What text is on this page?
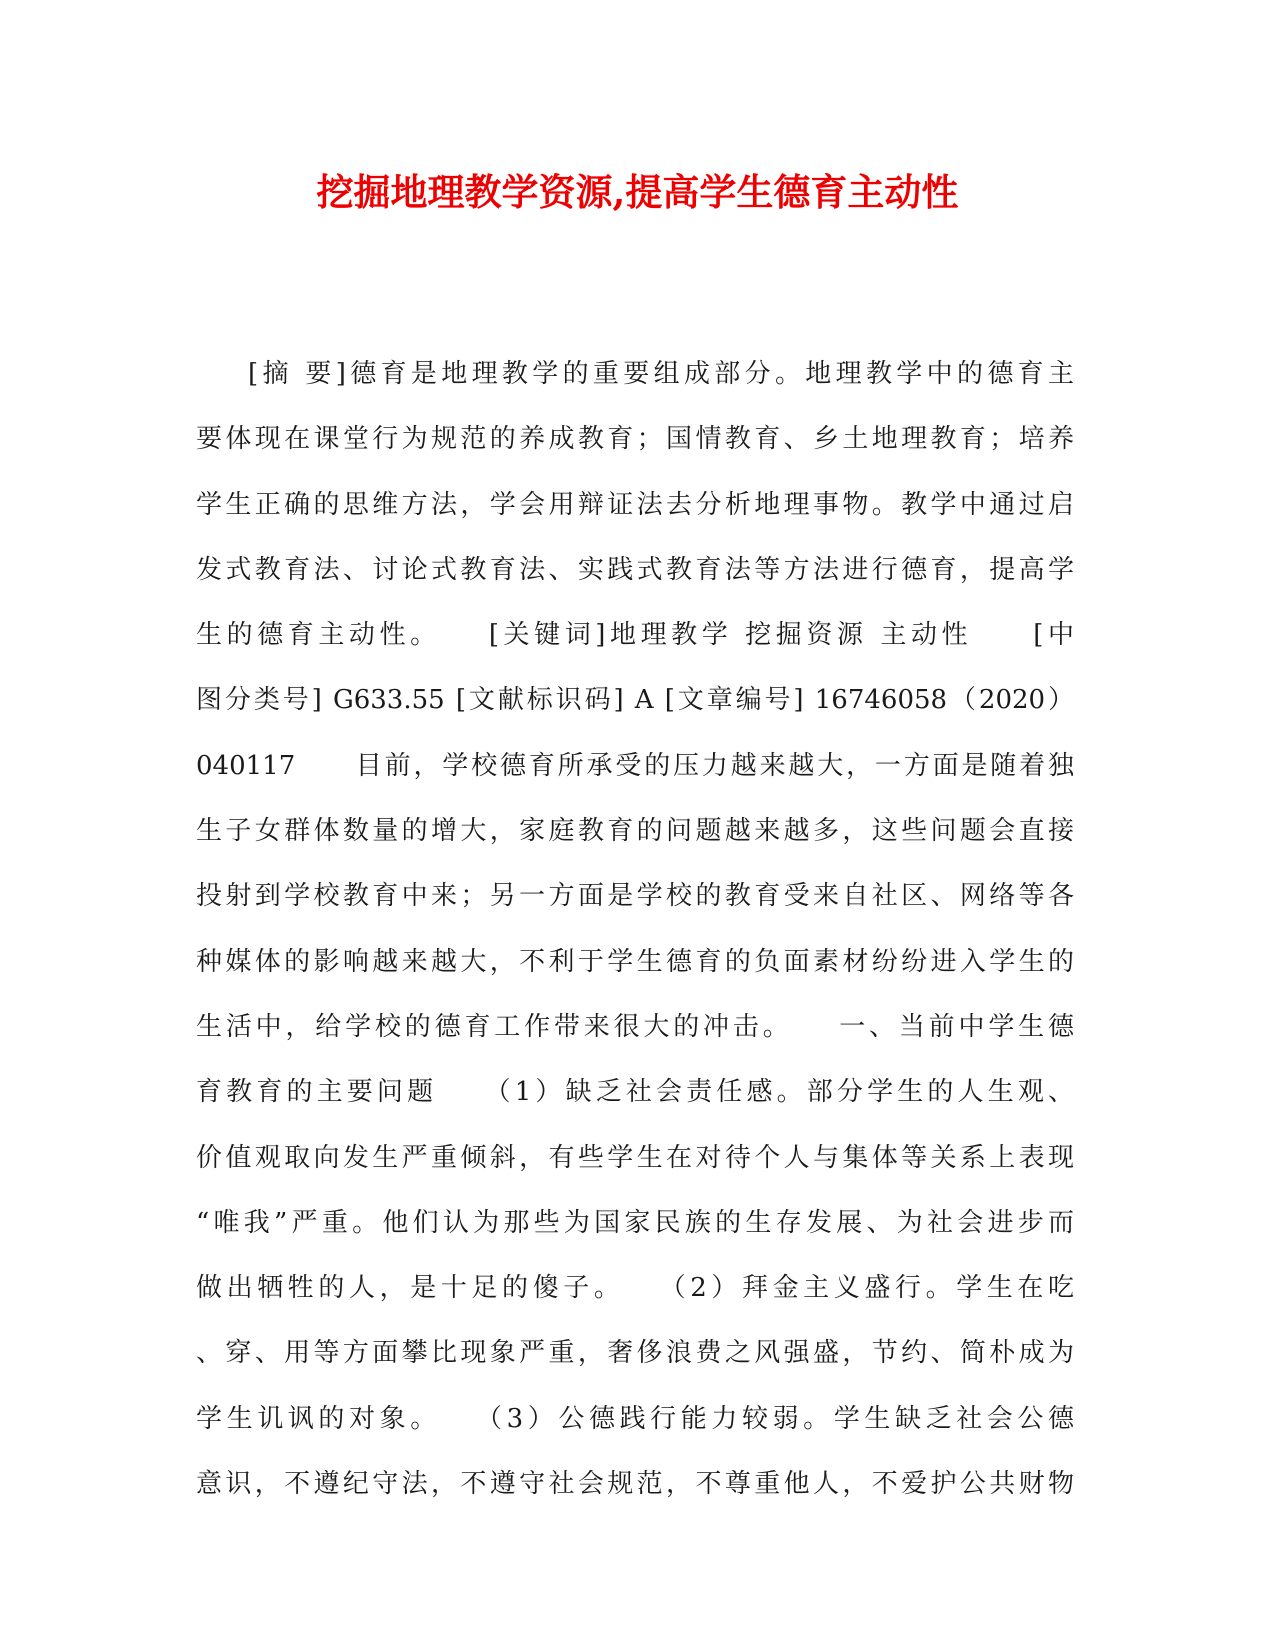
挖掘地理教学资源,提高学生德育主动性
[摘 要]德育是地理教学的重要组成部分。地理教学中的德育主
要体现在课堂行为规范的养成教育；国情教育、乡土地理教育；培养
学生正确的思维方法，学会用辩证法去分析地理事物。教学中通过启
发式教育法、讨论式教育法、实践式教育法等方法进行德育，提高学
生的德育主动性。　　[关键词]地理教学 挖掘资源 主动性　　[中
图分类号] G633.55 [文献标识码] A [文章编号] 16746058（2020）
040117　　目前，学校德育所承受的压力越来越大，一方面是随着独
生子女群体数量的增大，家庭教育的问题越来越多，这些问题会直接
投射到学校教育中来；另一方面是学校的教育受来自社区、网络等各
种媒体的影响越来越大，不利于学生德育的负面素材纷纷进入学生的
生活中，给学校的德育工作带来很大的冲击。　　一、当前中学生德
育教育的主要问题　　（1）缺乏社会责任感。部分学生的人生观、
价值观取向发生严重倾斜，有些学生在对待个人与集体等关系上表现
“唯我”严重。他们认为那些为国家民族的生存发展、为社会进步而
做出牺牲的人，是十足的傻子。　　（2）拜金主义盛行。学生在吃
、穿、用等方面攀比现象严重，奢侈浪费之风强盛，节约、简朴成为
学生讥讽的对象。　　（3）公德践行能力较弱。学生缺乏社会公德
意识，不遵纪守法，不遵守社会规范，不尊重他人，不爱护公共财物
